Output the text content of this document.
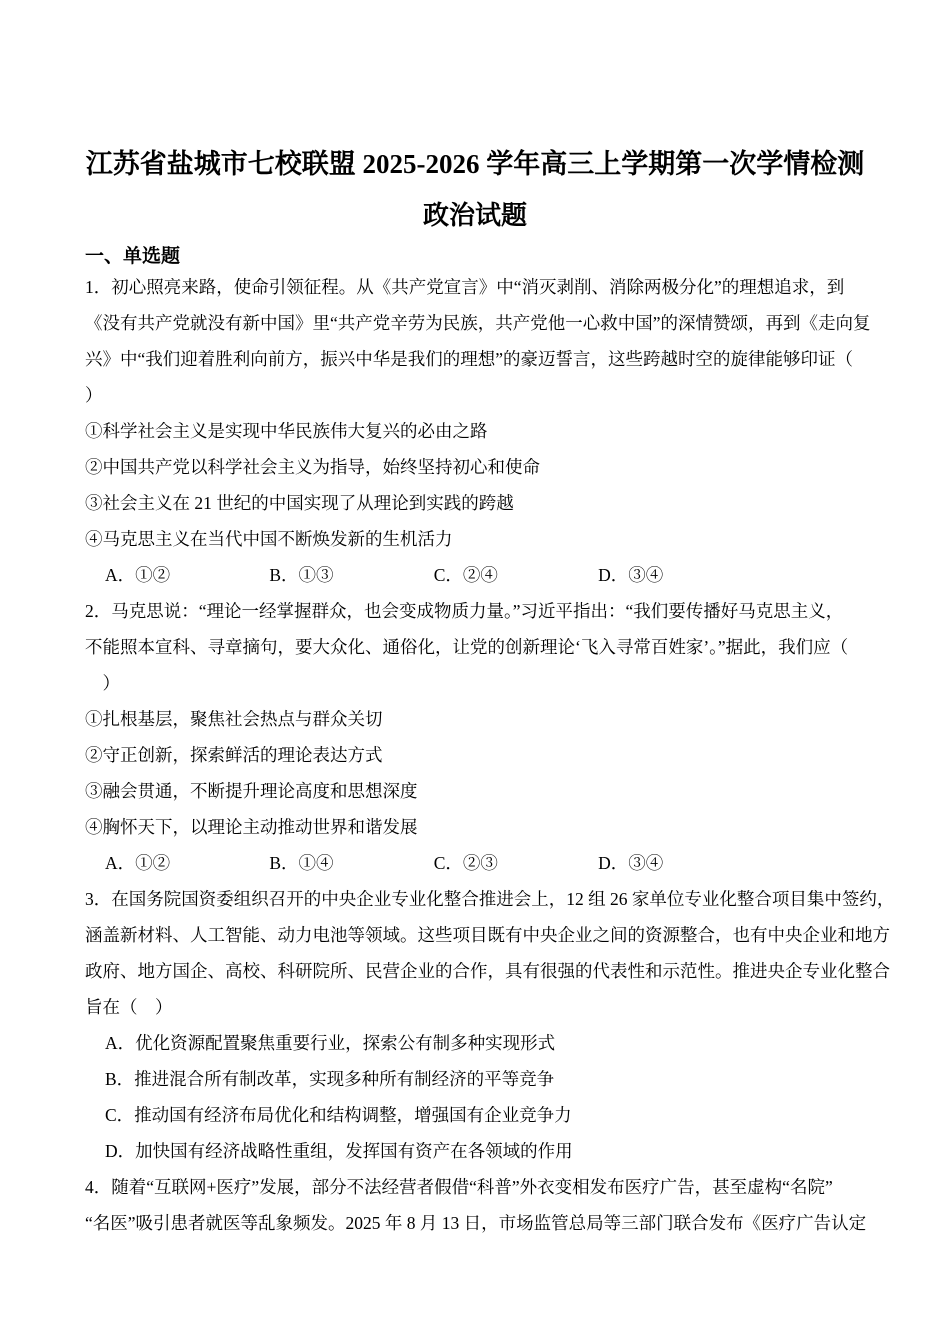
江苏省盐城市七校联盟 2025-2026 学年高三上学期第一次学情检测
政治试题
一、单选题
1．初心照亮来路，使命引领征程。从《共产党宣言》中“消灭剥削、消除两极分化”的理想追求，到
《没有共产党就没有新中国》里“共产党辛劳为民族，共产党他一心救中国”的深情赞颂，再到《走向复
兴》中“我们迎着胜利向前方，振兴中华是我们的理想”的豪迈誓言，这些跨越时空的旋律能够印证（
）
①科学社会主义是实现中华民族伟大复兴的必由之路
②中国共产党以科学社会主义为指导，始终坚持初心和使命
③社会主义在 21 世纪的中国实现了从理论到实践的跨越
④马克思主义在当代中国不断焕发新的生机活力
A．①②	B．①③	C．②④	D．③④
2．马克思说：“理论一经掌握群众，也会变成物质力量。”习近平指出：“我们要传播好马克思主义，
不能照本宣科、寻章摘句，要大众化、通俗化，让党的创新理论‘飞入寻常百姓家’。”据此，我们应（
　）
①扎根基层，聚焦社会热点与群众关切
②守正创新，探索鲜活的理论表达方式
③融会贯通，不断提升理论高度和思想深度
④胸怀天下，以理论主动推动世界和谐发展
A．①②	B．①④	C．②③	D．③④
3．在国务院国资委组织召开的中央企业专业化整合推进会上，12 组 26 家单位专业化整合项目集中签约，
涵盖新材料、人工智能、动力电池等领域。这些项目既有中央企业之间的资源整合，也有中央企业和地方
政府、地方国企、高校、科研院所、民营企业的合作，具有很强的代表性和示范性。推进央企专业化整合
旨在（　）
A．优化资源配置聚焦重要行业，探索公有制多种实现形式
B．推进混合所有制改革，实现多种所有制经济的平等竞争
C．推动国有经济布局优化和结构调整，增强国有企业竞争力
D．加快国有经济战略性重组，发挥国有资产在各领域的作用
4．随着“互联网+医疗”发展，部分不法经营者假借“科普”外衣变相发布医疗广告，甚至虚构“名院”
“名医”吸引患者就医等乱象频发。2025 年 8 月 13 日，市场监管总局等三部门联合发布《医疗广告认定
